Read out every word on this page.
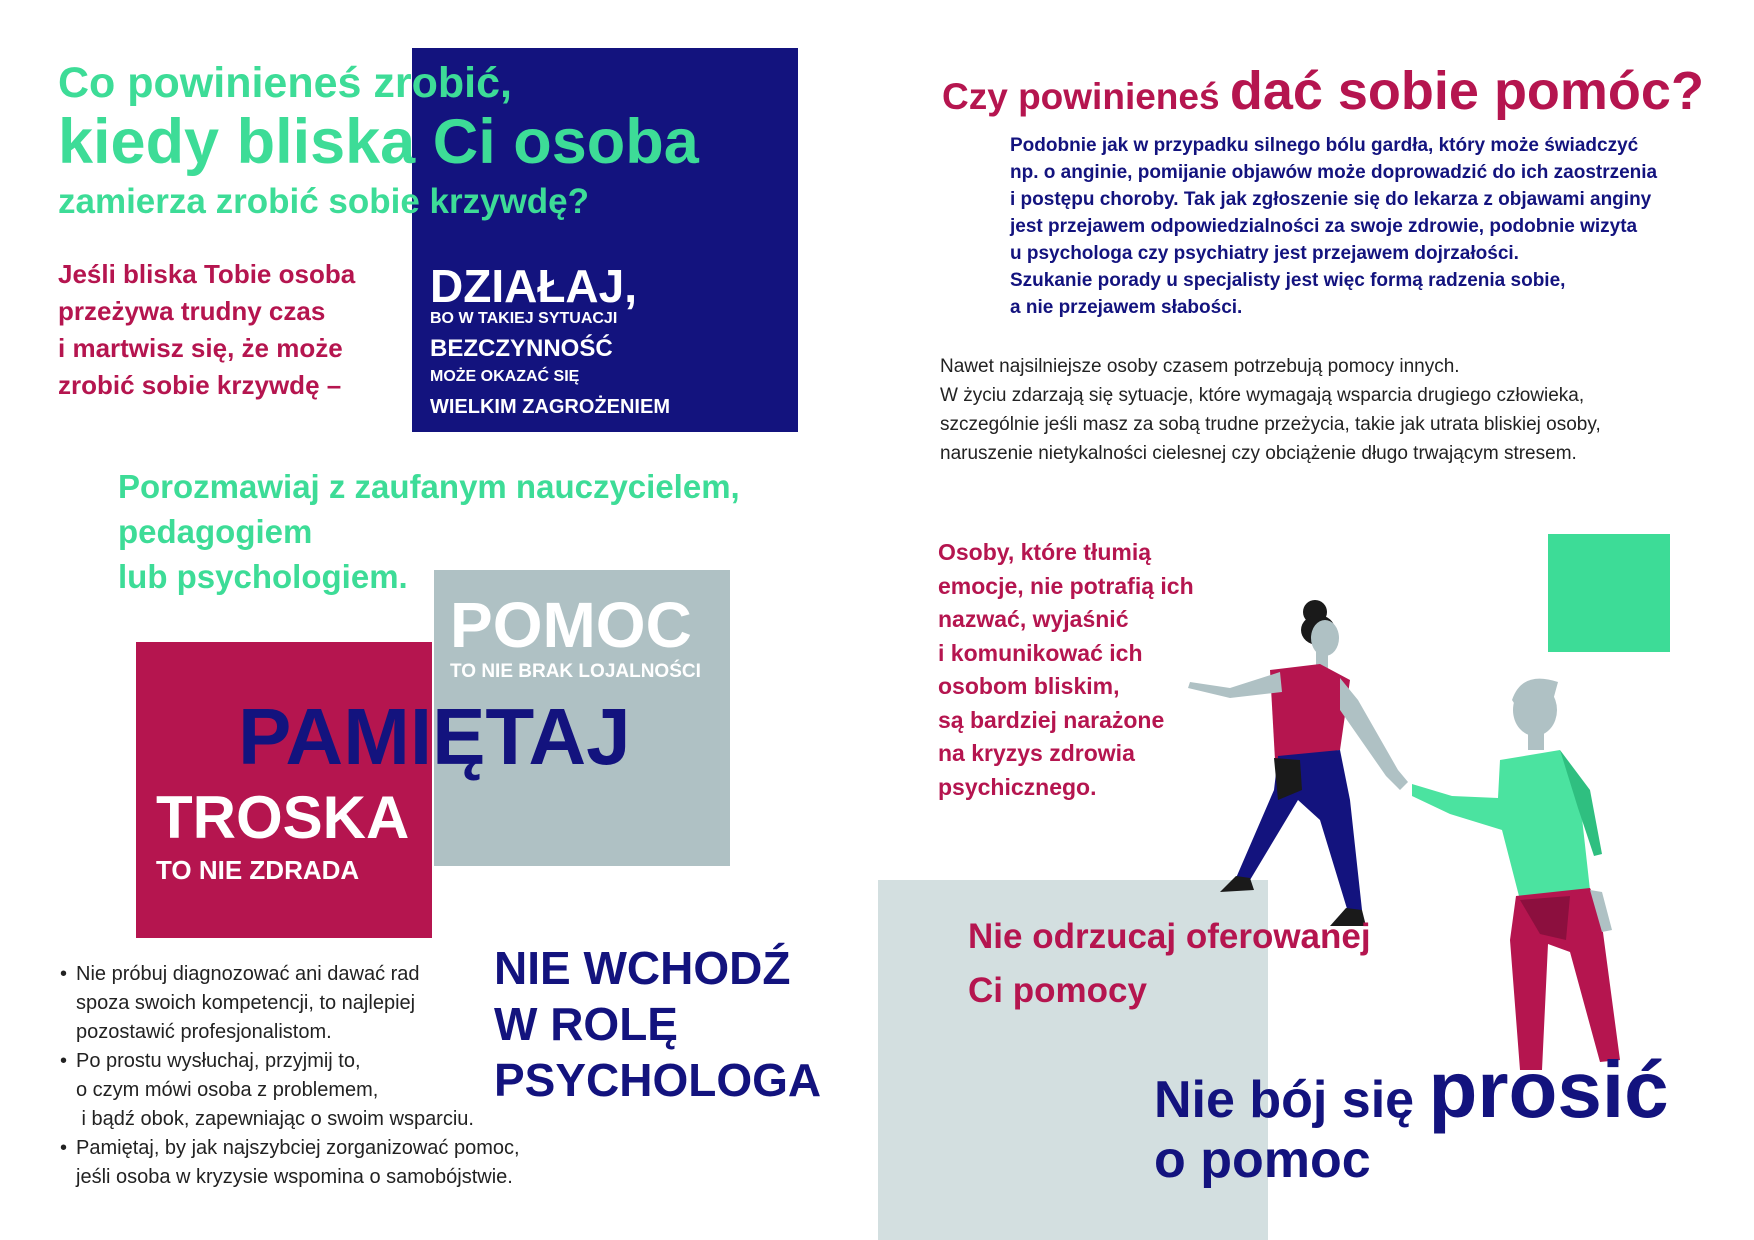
Co powinieneś zrobić,
kiedy bliska Ci osoba
zamierza zrobić sobie krzywdę?
Jeśli bliska Tobie osoba
przeżywa trudny czas
i martwisz się, że może
zrobić sobie krzywdę –
DZIAŁAJ,
BO W TAKIEJ SYTUACJI
BEZCZYNNOŚĆ
MOŻE OKAZAĆ SIĘ
WIELKIM ZAGROŻENIEM
Porozmawiaj z zaufanym nauczycielem,
pedagogiem
lub psychologiem.
POMOC
TO NIE BRAK LOJALNOŚCI
PAMIĘTAJ
TROSKA
TO NIE ZDRADA
• Nie próbuj diagnozować ani dawać rad
spoza swoich kompetencji, to najlepiej
pozostawić profesjonalistom.
• Po prostu wysłuchaj, przyjmij to,
o czym mówi osoba z problemem,
i bądź obok, zapewniając o swoim wsparciu.
• Pamiętaj, by jak najszybciej zorganizować pomoc,
jeśli osoba w kryzysie wspomina o samobójstwie.
NIE WCHODŹ
W ROLĘ
PSYCHOLOGA
Czy powinieneś dać sobie pomóc?
Podobnie jak w przypadku silnego bólu gardła, który może świadczyć
np. o anginie, pomijanie objawów może doprowadzić do ich zaostrzenia
i postępu choroby. Tak jak zgłoszenie się do lekarza z objawami anginy
jest przejawem odpowiedzialności za swoje zdrowie, podobnie wizyta
u psychologa czy psychiatry jest przejawem dojrzałości.
Szukanie porady u specjalisty jest więc formą radzenia sobie,
a nie przejawem słabości.
Nawet najsilniejsze osoby czasem potrzebują pomocy innych.
W życiu zdarzają się sytuacje, które wymagają wsparcia drugiego człowieka,
szczególnie jeśli masz za sobą trudne przeżycia, takie jak utrata bliskiej osoby,
naruszenie nietykalności cielesnej czy obciążenie długo trwającym stresem.
Osoby, które tłumią
emocje, nie potrafią ich
nazwać, wyjaśnić
i komunikować ich
osobom bliskim,
są bardziej narażone
na kryzys zdrowia
psychicznego.
Nie odrzucaj oferowanej
Ci pomocy
Nie bój się prosić
o pomoc
